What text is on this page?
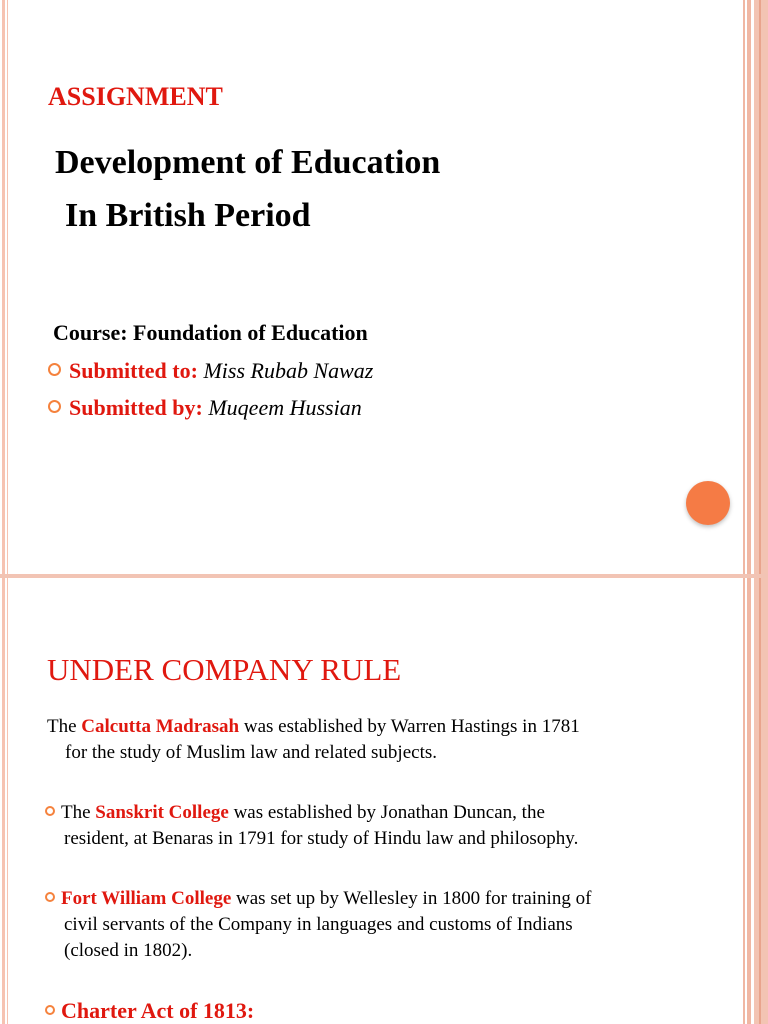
ASSIGNMENT
Development of Education
In British Period
Course: Foundation of Education
Submitted to: Miss Rubab Nawaz
Submitted by: Muqeem Hussian
UNDER COMPANY RULE
The Calcutta Madrasah was established by Warren Hastings in 1781
for the study of Muslim law and related subjects.
The Sanskrit College was established by Jonathan Duncan, the
resident, at Benaras in 1791 for study of Hindu law and philosophy.
Fort William College was set up by Wellesley in 1800 for training of
civil servants of the Company in languages and customs of Indians
(closed in 1802).
Charter Act of 1813:
